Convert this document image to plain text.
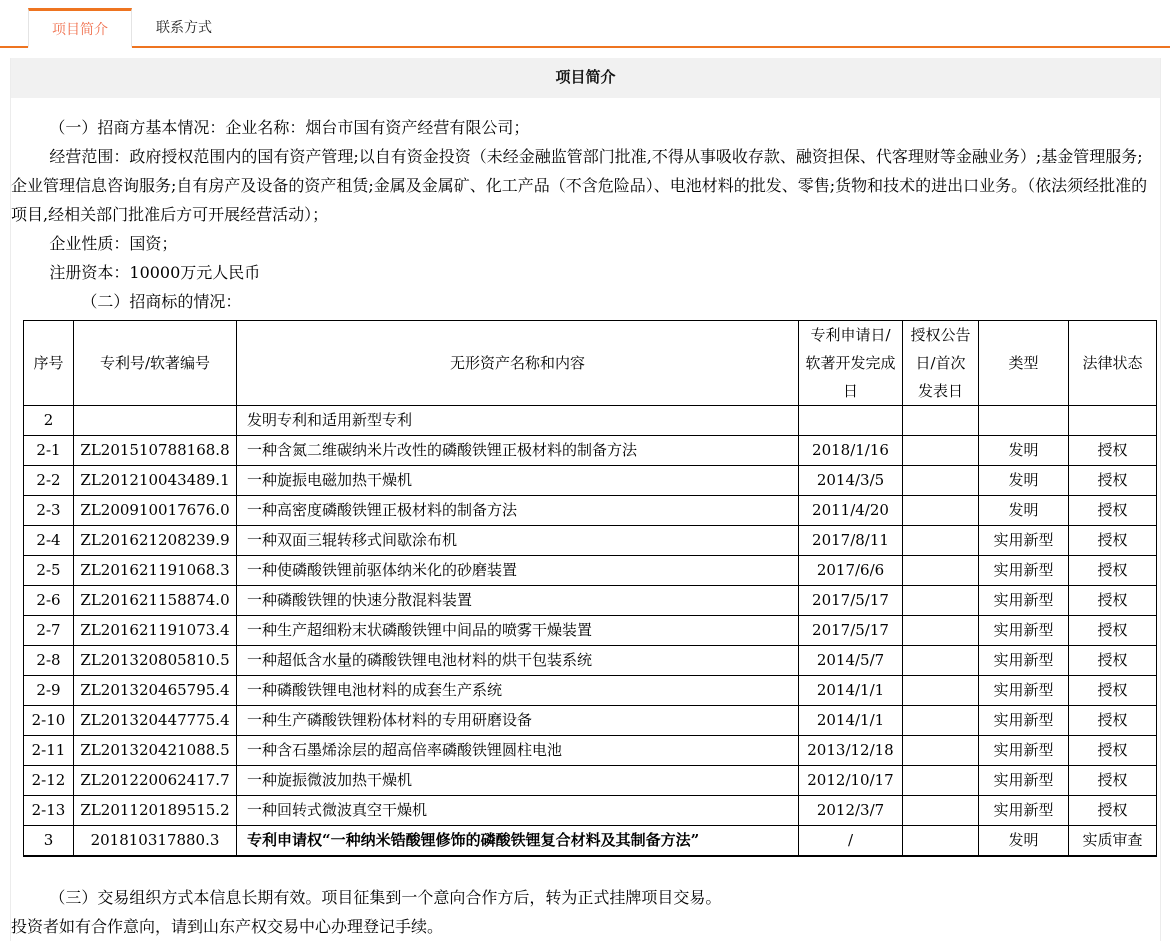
项目简介	联系方式
项目简介

（一）招商方基本情况：企业名称：烟台市国有资产经营有限公司；

经营范围：政府授权范围内的国有资产管理;以自有资金投资（未经金融监管部门批准,不得从事吸收存款、融资担保、代客理财等金融业务）;基金管理服务;企业管理信息咨询服务;自有房产及设备的资产租赁;金属及金属矿、化工产品（不含危险品）、电池材料的批发、零售;货物和技术的进出口业务。（依法须经批准的项目,经相关部门批准后方可开展经营活动）；

企业性质：国资；

注册资本：10000万元人民币

（二）招商标的情况：

序号	专利号/软著编号	无形资产名称和内容	专利申请日/软著开发完成日	授权公告日/首次发表日	类型	法律状态
2		发明专利和适用新型专利				
2-1	ZL201510788168.8	一种含氮二维碳纳米片改性的磷酸铁锂正极材料的制备方法	2018/1/16		发明	授权
2-2	ZL201210043489.1	一种旋振电磁加热干燥机	2014/3/5		发明	授权
2-3	ZL200910017676.0	一种高密度磷酸铁锂正极材料的制备方法	2011/4/20		发明	授权
2-4	ZL201621208239.9	一种双面三辊转移式间歇涂布机	2017/8/11		实用新型	授权
2-5	ZL201621191068.3	一种使磷酸铁锂前驱体纳米化的砂磨装置	2017/6/6		实用新型	授权
2-6	ZL201621158874.0	一种磷酸铁锂的快速分散混料装置	2017/5/17		实用新型	授权
2-7	ZL201621191073.4	一种生产超细粉末状磷酸铁锂中间品的喷雾干燥装置	2017/5/17		实用新型	授权
2-8	ZL201320805810.5	一种超低含水量的磷酸铁锂电池材料的烘干包装系统	2014/5/7		实用新型	授权
2-9	ZL201320465795.4	一种磷酸铁锂电池材料的成套生产系统	2014/1/1		实用新型	授权
2-10	ZL201320447775.4	一种生产磷酸铁锂粉体材料的专用研磨设备	2014/1/1		实用新型	授权
2-11	ZL201320421088.5	一种含石墨烯涂层的超高倍率磷酸铁锂圆柱电池	2013/12/18		实用新型	授权
2-12	ZL201220062417.7	一种旋振微波加热干燥机	2012/10/17		实用新型	授权
2-13	ZL201120189515.2	一种回转式微波真空干燥机	2012/3/7		实用新型	授权
3	201810317880.3	专利申请权“一种纳米锆酸锂修饰的磷酸铁锂复合材料及其制备方法”	/		发明	实质审查

（三）交易组织方式本信息长期有效。项目征集到一个意向合作方后，转为正式挂牌项目交易。

投资者如有合作意向，请到山东产权交易中心办理登记手续。
